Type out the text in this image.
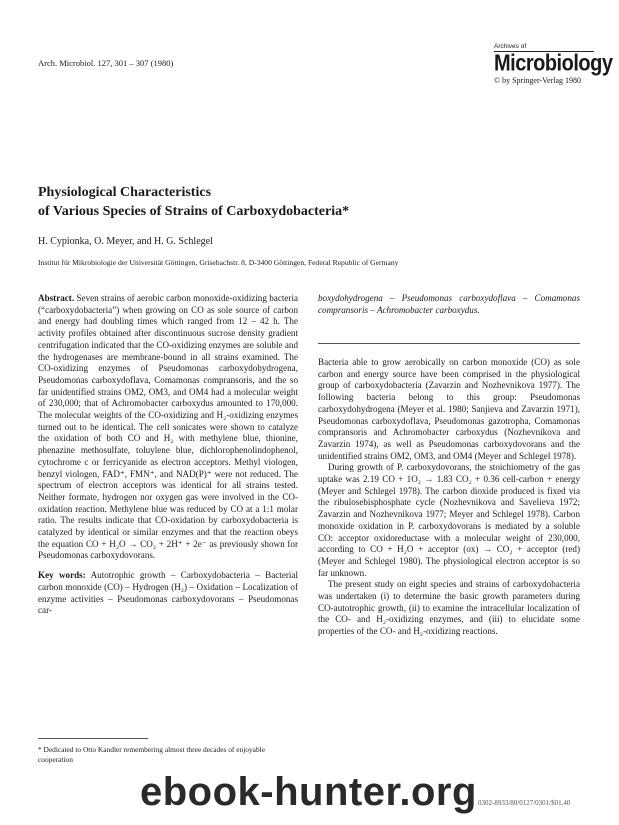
Arch. Microbiol. 127, 301 – 307 (1980)
Archives of
Microbiology
© by Springer-Verlag 1980
Physiological Characteristics
of Various Species of Strains of Carboxydobacteria*
H. Cypionka, O. Meyer, and H. G. Schlegel
Institut für Mikrobiologie der Universität Göttingen, Grisebachstr. 8, D-3400 Göttingen, Federal Republic of Germany

Abstract. Seven strains of aerobic carbon monoxide-oxidizing bacteria (“carboxydobacteria”) when growing on CO as sole source of carbon and energy had doubling times which ranged from 12 – 42 h. The activity profiles obtained after discontinuous sucrose density gradient centrifugation indicated that the CO-oxidizing enzymes are soluble and the hydrogenases are membrane-bound in all strains examined. The CO-oxidizing enzymes of Pseudomonas carboxydohydrogena, Pseudomonas carboxydoflava, Comamonas compransoris, and the so far unidentified strains OM2, OM3, and OM4 had a molecular weight of 230,000; that of Achromobacter carboxydus amounted to 170,000. The molecular weights of the CO-oxidizing and H₂-oxidizing enzymes turned out to be identical. The cell sonicates were shown to catalyze the oxidation of both CO and H₂ with methylene blue, thionine, phenazine methosulfate, toluylene blue, dichlorophenolindophenol, cytochrome c or ferricyanide as electron acceptors. Methyl viologen, benzyl viologen, FAD⁺, FMN⁺, and NAD(P)⁺ were not reduced. The spectrum of electron acceptors was identical for all strains tested. Neither formate, hydrogen nor oxygen gas were involved in the CO-oxidation reaction. Methylene blue was reduced by CO at a 1:1 molar ratio. The results indicate that CO-oxidation by carboxydobacteria is catalyzed by identical or similar enzymes and that the reaction obeys the equation CO + H₂O → CO₂ + 2H⁺ + 2e⁻ as previously shown for Pseudomonas carboxydovorans.

Key words: Autotrophic growth – Carboxydobacteria – Bacterial carbon monoxide (CO) – Hydrogen (H₂) – Oxidation – Localization of enzyme activities – Pseudomonas carboxydovorans – Pseudomonas car-

* Dedicated to Otto Kandler remembering almost three decades of enjoyable cooperation
boxydohydrogena – Pseudomonas carboxydoflava – Comamonas compransoris – Achromobacter carboxydus.

Bacteria able to grow aerobically on carbon monoxide (CO) as sole carbon and energy source have been comprised in the physiological group of carboxydobacteria (Zavarzin and Nozhevnikova 1977). The following bacteria belong to this group: Pseudomonas carboxydohydrogena (Meyer et al. 1980; Sanjieva and Zavarzin 1971), Pseudomonas carboxydoflava, Pseudomonas gazotropha, Comamonas compransoris and Achromobacter carboxydus (Nozhevnikova and Zavarzin 1974), as well as Pseudomonas carboxydovorans and the unidentified strains OM2, OM3, and OM4 (Meyer and Schlegel 1978).

During growth of P. carboxydovorans, the stoichiometry of the gas uptake was 2.19 CO + 1O₂ → 1.83 CO₂ + 0.36 cell-carbon + energy (Meyer and Schlegel 1978). The carbon dioxide produced is fixed via the ribulosebisphosphate cycle (Nozhevnikova and Savelieva 1972; Zavarzin and Nozhevnikova 1977; Meyer and Schlegel 1978). Carbon monoxide oxidation in P. carboxydovorans is mediated by a soluble CO: acceptor oxidoreductase with a molecular weight of 230,000, according to CO + H₂O + acceptor (ox) → CO₂ + acceptor (red) (Meyer and Schlegel 1980). The physiological electron acceptor is so far unknown.

The present study on eight species and strains of carboxydobacteria was undertaken (i) to determine the basic growth parameters during CO-autotrophic growth, (ii) to examine the intracellular localization of the CO- and H₂-oxidizing enzymes, and (iii) to elucidate some properties of the CO- and H₂-oxidizing reactions.

0302-8933/80/0127/0301/$01.40
ebook-hunter.org
